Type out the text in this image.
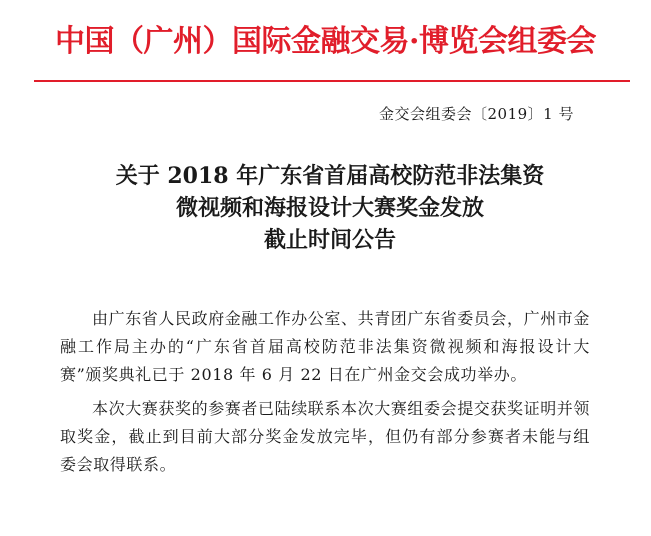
中国（广州）国际金融交易·博览会组委会
金交会组委会〔2019〕1 号
关于 2018 年广东省首届高校防范非法集资
微视频和海报设计大赛奖金发放
截止时间公告

由广东省人民政府金融工作办公室、共青团广东省委员会，广州市金融工作局主办的“广东省首届高校防范非法集资微视频和海报设计大赛”颁奖典礼已于 2018 年 6 月 22 日在广州金交会成功举办。

本次大赛获奖的参赛者已陆续联系本次大赛组委会提交获奖证明并领取奖金，截止到目前大部分奖金发放完毕，但仍有部分参赛者未能与组委会取得联系。
